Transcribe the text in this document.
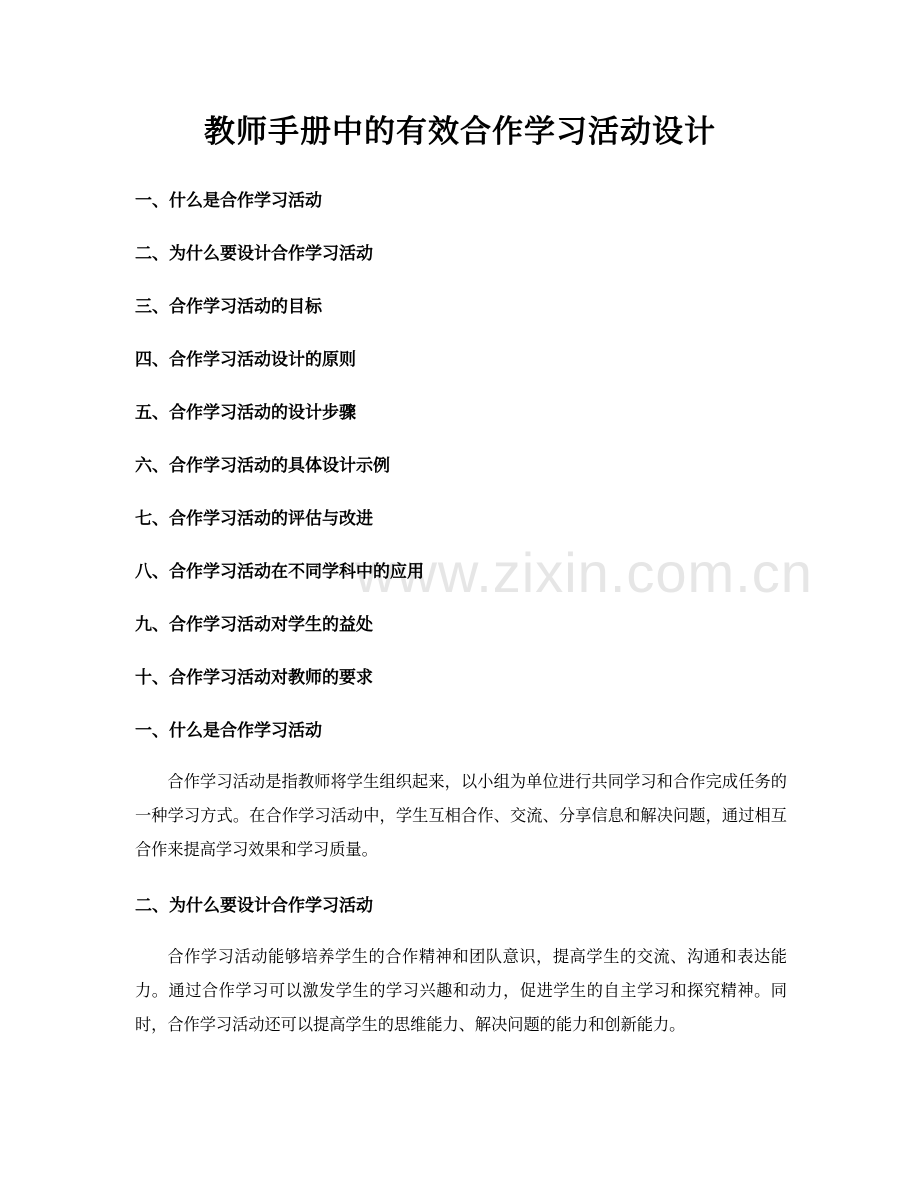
www.zixin.com.cn
教师手册中的有效合作学习活动设计
一、什么是合作学习活动
二、为什么要设计合作学习活动
三、合作学习活动的目标
四、合作学习活动设计的原则
五、合作学习活动的设计步骤
六、合作学习活动的具体设计示例
七、合作学习活动的评估与改进
八、合作学习活动在不同学科中的应用
九、合作学习活动对学生的益处
十、合作学习活动对教师的要求
一、什么是合作学习活动
合作学习活动是指教师将学生组织起来，以小组为单位进行共同学习和合作完成任务的一种学习方式。在合作学习活动中，学生互相合作、交流、分享信息和解决问题，通过相互合作来提高学习效果和学习质量。
二、为什么要设计合作学习活动
合作学习活动能够培养学生的合作精神和团队意识，提高学生的交流、沟通和表达能力。通过合作学习可以激发学生的学习兴趣和动力，促进学生的自主学习和探究精神。同时，合作学习活动还可以提高学生的思维能力、解决问题的能力和创新能力。
